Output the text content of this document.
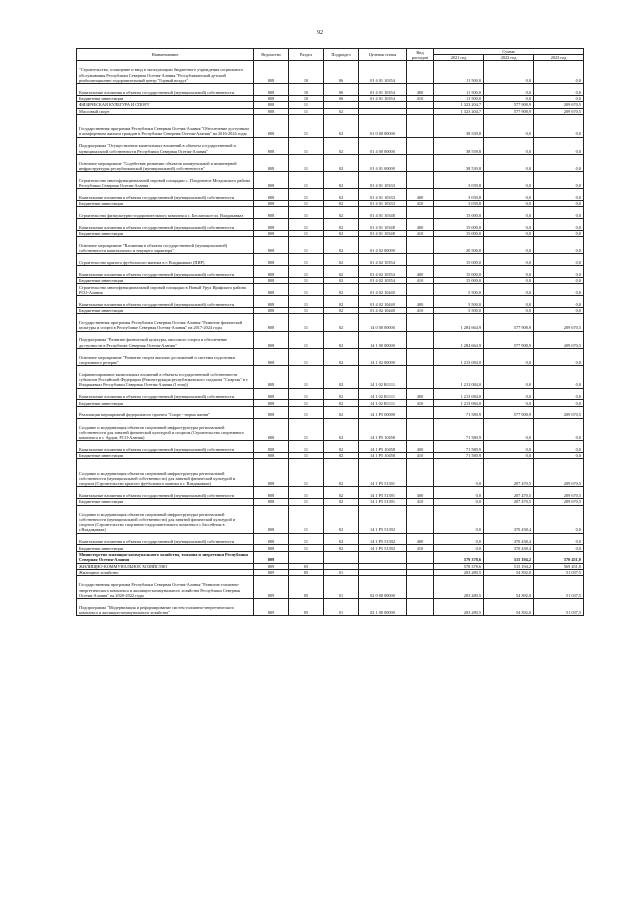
92
Наименование	Ведомство	Раздел	Подраздел	Целевая статья	Вид расходов	Сумма		
						2021 год	2022 год	2023 год
"Строительство, оснащение и ввод в эксплуатацию бюджетного учреждения социального обслуживания Республики Северная Осетия-Алания "Республиканский детский реабилитационно-оздоровительный центр "Горный воздух"	808	10	06	01 4 01 10354		11 500,0	0,0	0,0
Капитальные вложения в объекты государственной (муниципальной) собственности	808	10	06	01 4 01 10354	400	11 500,0	0,0	0,0
Бюджетные инвестиции	808	10	06	01 4 01 10354	410	11 500,0	0,0	0,0
ФИЗИЧЕСКАЯ КУЛЬТУРА И СПОРТ	808	11				1 323 204,7	577 908,9	209 670,5
Массовый спорт	808	11	02			1 323 204,7	577 908,9	209 670,5
Государственная программа Республики Северная Осетия-Алания "Обеспечение доступным и комфортным жильем граждан в Республике Северная Осетия-Алания" на 2016-2024 годы	808	11	02	01 0 00 00000		38 539,8	0,0	0,0
Подпрограмма "Осуществление капитальных вложений в объекты государственной и муниципальной собственности Республики Северная Осетия-Алания"	808	11	02	01 4 00 00000		38 539,8	0,0	0,0
Основное мероприятие "Содействие развитию объектов коммунальной и инженерной инфраструктуры республиканской (муниципальной) собственности"	808	11	02	01 4 01 00000		38 539,8	0,0	0,0
Строительство многофункциональной игровой площадки с. Плодовитое Моздокского района Республики Северная Осетия-Алания	808	11	02	01 4 01 10333		3 039,8	0,0	0,0
Капитальные вложения в объекты государственной (муниципальной) собственности	808	11	02	01 4 01 10333	400	3 039,8	0,0	0,0
Бюджетные инвестиции	808	11	02	01 4 01 10333	410	3 039,8	0,0	0,0
Строительство физкультурно-оздоровительного комплекса с. Бесланское пл. Владикавказ	808	11	02	01 4 01 10348		15 000,0	0,0	0,0
Капитальные вложения в объекты государственной (муниципальной) собственности	808	11	02	01 4 01 10348	400	15 000,0	0,0	0,0
Бюджетные инвестиции	808	11	02	01 4 01 10348	410	15 000,0	0,0	0,0
Основное мероприятие "Вложения в объекты государственной (муниципальной) собственности капитального и текущего характера"	808	11	02	01 4 02 00000		20 500,0	0,0	0,0
Строительство крытого футбольного манежа в г. Владикавказ (ПИР)	808	11	02	01 4 02 10354		15 000,0	0,0	0,0
Капитальные вложения в объекты государственной (муниципальной) собственности	808	11	02	01 4 02 10354	400	15 000,0	0,0	0,0
Бюджетные инвестиции	808	11	02	01 4 02 10354	410	15 000,0	0,0	0,0
Строительство многофункциональной игровой площадки в Новый Урух Ирафского района РСО-Алания	808	11	02	01 4 02 10440		5 500,0	0,0	0,0
Капитальные вложения в объекты государственной (муниципальной) собственности	808	11	02	01 4 02 10440	400	5 500,0	0,0	0,0
Бюджетные инвестиции	808	11	02	01 4 02 10440	410	5 500,0	0,0	0,0
Государственная программа Республики Северная Осетия-Алания "Развитие физической культуры и спорта в Республике Северная Осетия-Алания" на 2017-2024 годы	808	11	02	14 0 00 00000		1 284 664,9	577 908,9	209 670,5
Подпрограмма "Развитие физической культуры, массового спорта и обеспечение доступности в Республике Северная Осетия-Алания"	808	11	02	14 1 00 00000		1 284 664,9	577 908,9	209 670,5
Основное мероприятие "Развитие спорта высших достижений и системы подготовки спортивного резерва"	808	11	02	14 1 02 00000		1 213 084,0	0,0	0,0
Софинансирование капитальных вложений в объекты государственной собственности субъектов Российской Федерации (Реконструкция республиканского стадиона "Спартак" в г. Владикавказ Республики Северная Осетия-Алания (I этап))	808	11	02	14 1 02 R1111		1 213 084,0	0,0	0,0
Капитальные вложения в объекты государственной (муниципальной) собственности	808	11	02	14 1 02 R1111	400	1 213 084,0	0,0	0,0
Бюджетные инвестиции	808	11	02	14 1 02 R1111	410	1 213 084,0	0,0	0,0
Реализация мероприятий федерального проекта "Спорт - норма жизни"	808	11	02	14 1 P5 00000		71 580,9	577 908,9	209 670,5
Создание и модернизация объектов спортивной инфраструктуры региональной собственности для занятий физической культурой и спортом (Строительство спортивного комплекса в г. Ардон, РСО-Алания)	808	11	02	14 1 P5 10458		71 580,9	0,0	0,0
Капитальные вложения в объекты государственной (муниципальной) собственности	808	11	02	14 1 P5 10458	400	71 580,9	0,0	0,0
Бюджетные инвестиции	808	11	02	14 1 P5 10458	410	71 580,9	0,0	0,0
Создание и модернизация объектов спортивной инфраструктуры региональной собственности (муниципальной собственности) для занятий физической культурой и спортом (Строительство крытого футбольного манежа в г. Владикавказ)	808	11	02	14 1 P5 51391		0,0	207 470,5	209 670,5
Капитальные вложения в объекты государственной (муниципальной) собственности	808	11	02	14 1 P5 51391	400	0,0	207 470,5	209 670,5
Бюджетные инвестиции	808	11	02	14 1 P5 51391	410	0,0	207 470,5	209 670,5
Создание и модернизация объектов спортивной инфраструктуры региональной собственности (муниципальной собственности) для занятий физической культурой и спортом (Строительство спортивно-оздоровительного комплекса с бассейном в г.Владикавказ)	808	11	02	14 1 P5 51392		0,0	370 438,4	0,0
Капитальные вложения в объекты государственной (муниципальной) собственности	808	11	02	14 1 P5 51392	400	0,0	370 438,4	0,0
Бюджетные инвестиции	808	11	02	14 1 P5 51392	410	0,0	370 438,4	0,0
Министерство жилищно-коммунального хозяйства, топлива и энергетики Республики Северная Осетия-Алания	809					579 378,6	515 194,2	570 451,0
ЖИЛИЩНО-КОММУНАЛЬНОЕ ХОЗЯЙСТВО	809	05				578 378,6	515 194,2	569 451,0
Жилищное хозяйство	809	05	01			203 280,5	54 392,0	51 037,5
Государственная программа Республики Северная Осетия-Алания "Развитие топливно-энергетического комплекса и жилищно-коммунального хозяйства Республики Северная Осетия-Алания" на 2020-2022 годы	809	05	01	02 0 00 00000		203 280,5	54 392,0	51 037,5
Подпрограмма "Модернизация и реформирование систем топливно-энергетического комплекса и жилищно-коммунального хозяйства"	809	05	01	02 1 00 00000		203 280,5	54 392,0	51 037,5
